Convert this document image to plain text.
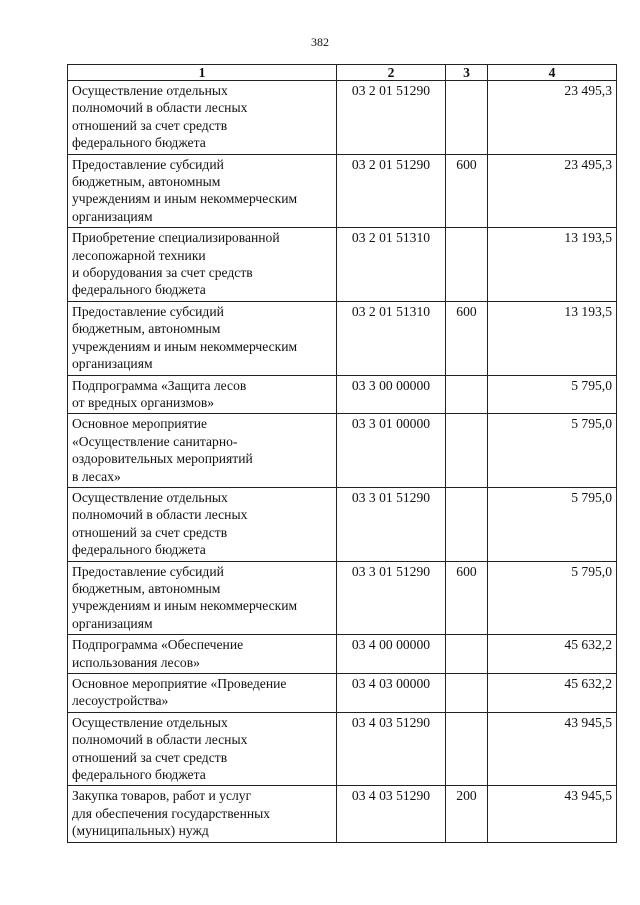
382
1	2	3	4
Осуществление отдельных
полномочий в области лесных
отношений за счет средств
федерального бюджета	03 2 01 51290		23 495,3
Предоставление субсидий
бюджетным, автономным
учреждениям и иным некоммерческим
организациям	03 2 01 51290	600	23 495,3
Приобретение специализированной
лесопожарной техники
и оборудования за счет средств
федерального бюджета	03 2 01 51310		13 193,5
Предоставление субсидий
бюджетным, автономным
учреждениям и иным некоммерческим
организациям	03 2 01 51310	600	13 193,5
Подпрограмма «Защита лесов
от вредных организмов»	03 3 00 00000		5 795,0
Основное мероприятие
«Осуществление санитарно-
оздоровительных мероприятий
в лесах»	03 3 01 00000		5 795,0
Осуществление отдельных
полномочий в области лесных
отношений за счет средств
федерального бюджета	03 3 01 51290		5 795,0
Предоставление субсидий
бюджетным, автономным
учреждениям и иным некоммерческим
организациям	03 3 01 51290	600	5 795,0
Подпрограмма «Обеспечение
использования лесов»	03 4 00 00000		45 632,2
Основное мероприятие «Проведение
лесоустройства»	03 4 03 00000		45 632,2
Осуществление отдельных
полномочий в области лесных
отношений за счет средств
федерального бюджета	03 4 03 51290		43 945,5
Закупка товаров, работ и услуг
для обеспечения государственных
(муниципальных) нужд	03 4 03 51290	200	43 945,5
